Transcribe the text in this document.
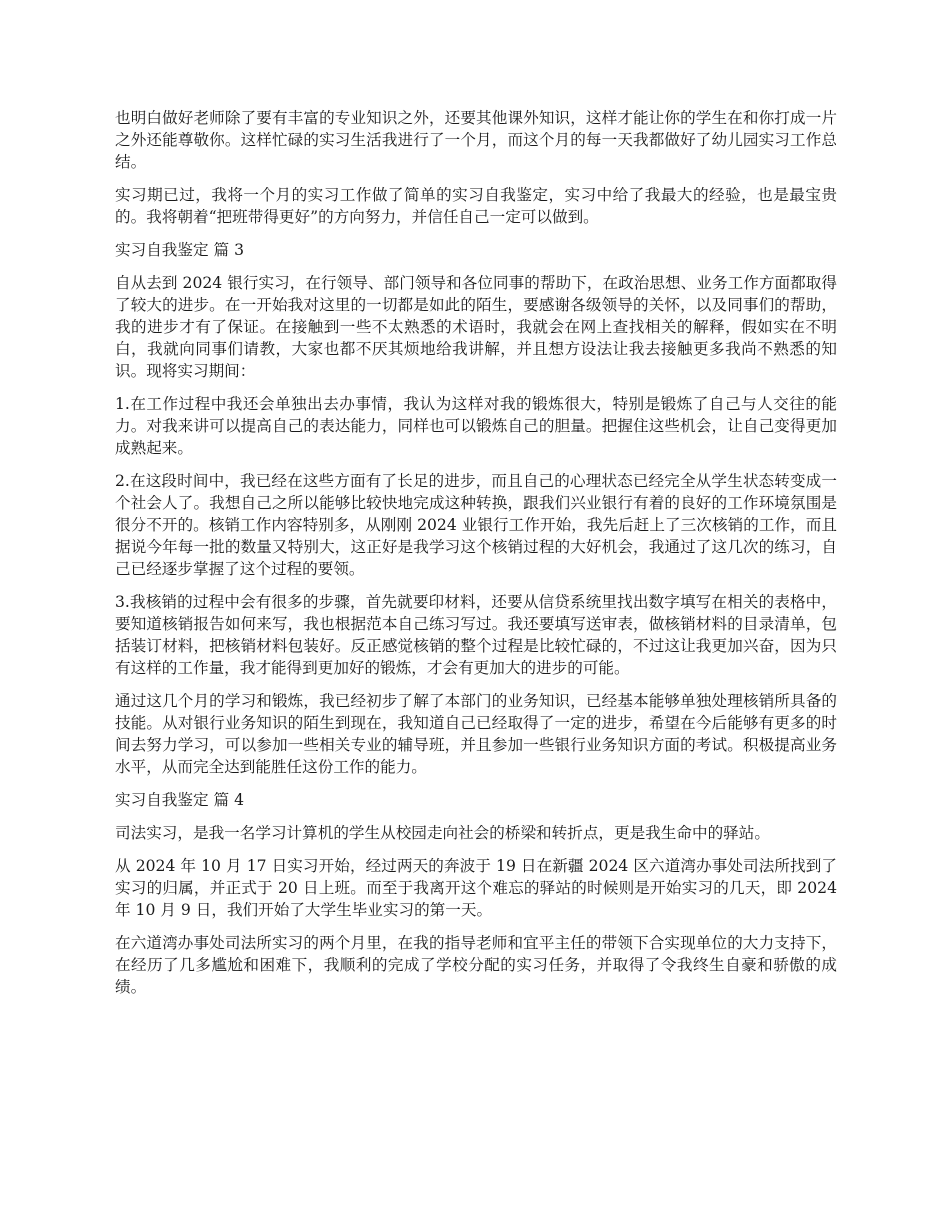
也明白做好老师除了要有丰富的专业知识之外，还要其他课外知识，这样才能让你的学生在和你打成一片之外还能尊敬你。这样忙碌的实习生活我进行了一个月，而这个月的每一天我都做好了幼儿园实习工作总结。

实习期已过，我将一个月的实习工作做了简单的实习自我鉴定，实习中给了我最大的经验，也是最宝贵的。我将朝着“把班带得更好”的方向努力，并信任自己一定可以做到。

实习自我鉴定 篇 3

自从去到 2024 银行实习，在行领导、部门领导和各位同事的帮助下，在政治思想、业务工作方面都取得了较大的进步。在一开始我对这里的一切都是如此的陌生，要感谢各级领导的关怀，以及同事们的帮助，我的进步才有了保证。在接触到一些不太熟悉的术语时，我就会在网上查找相关的解释，假如实在不明白，我就向同事们请教，大家也都不厌其烦地给我讲解，并且想方设法让我去接触更多我尚不熟悉的知识。现将实习期间：

1.在工作过程中我还会单独出去办事情，我认为这样对我的锻炼很大，特别是锻炼了自己与人交往的能力。对我来讲可以提高自己的表达能力，同样也可以锻炼自己的胆量。把握住这些机会，让自己变得更加成熟起来。

2.在这段时间中，我已经在这些方面有了长足的进步，而且自己的心理状态已经完全从学生状态转变成一个社会人了。我想自己之所以能够比较快地完成这种转换，跟我们兴业银行有着的良好的工作环境氛围是很分不开的。核销工作内容特别多，从刚刚 2024 业银行工作开始，我先后赶上了三次核销的工作，而且据说今年每一批的数量又特别大，这正好是我学习这个核销过程的大好机会，我通过了这几次的练习，自己已经逐步掌握了这个过程的要领。

3.我核销的过程中会有很多的步骤，首先就要印材料，还要从信贷系统里找出数字填写在相关的表格中，要知道核销报告如何来写，我也根据范本自己练习写过。我还要填写送审表，做核销材料的目录清单，包括装订材料，把核销材料包装好。反正感觉核销的整个过程是比较忙碌的，不过这让我更加兴奋，因为只有这样的工作量，我才能得到更加好的锻炼，才会有更加大的进步的可能。

通过这几个月的学习和锻炼，我已经初步了解了本部门的业务知识，已经基本能够单独处理核销所具备的技能。从对银行业务知识的陌生到现在，我知道自己已经取得了一定的进步，希望在今后能够有更多的时间去努力学习，可以参加一些相关专业的辅导班，并且参加一些银行业务知识方面的考试。积极提高业务水平，从而完全达到能胜任这份工作的能力。

实习自我鉴定 篇 4

司法实习，是我一名学习计算机的学生从校园走向社会的桥梁和转折点，更是我生命中的驿站。

从 2024 年 10 月 17 日实习开始，经过两天的奔波于 19 日在新疆 2024 区六道湾办事处司法所找到了实习的归属，并正式于 20 日上班。而至于我离开这个难忘的驿站的时候则是开始实习的几天，即 2024 年 10 月 9 日，我们开始了大学生毕业实习的第一天。

在六道湾办事处司法所实习的两个月里，在我的指导老师和宜平主任的带领下合实现单位的大力支持下，在经历了几多尴尬和困难下，我顺利的完成了学校分配的实习任务，并取得了令我终生自豪和骄傲的成绩。
